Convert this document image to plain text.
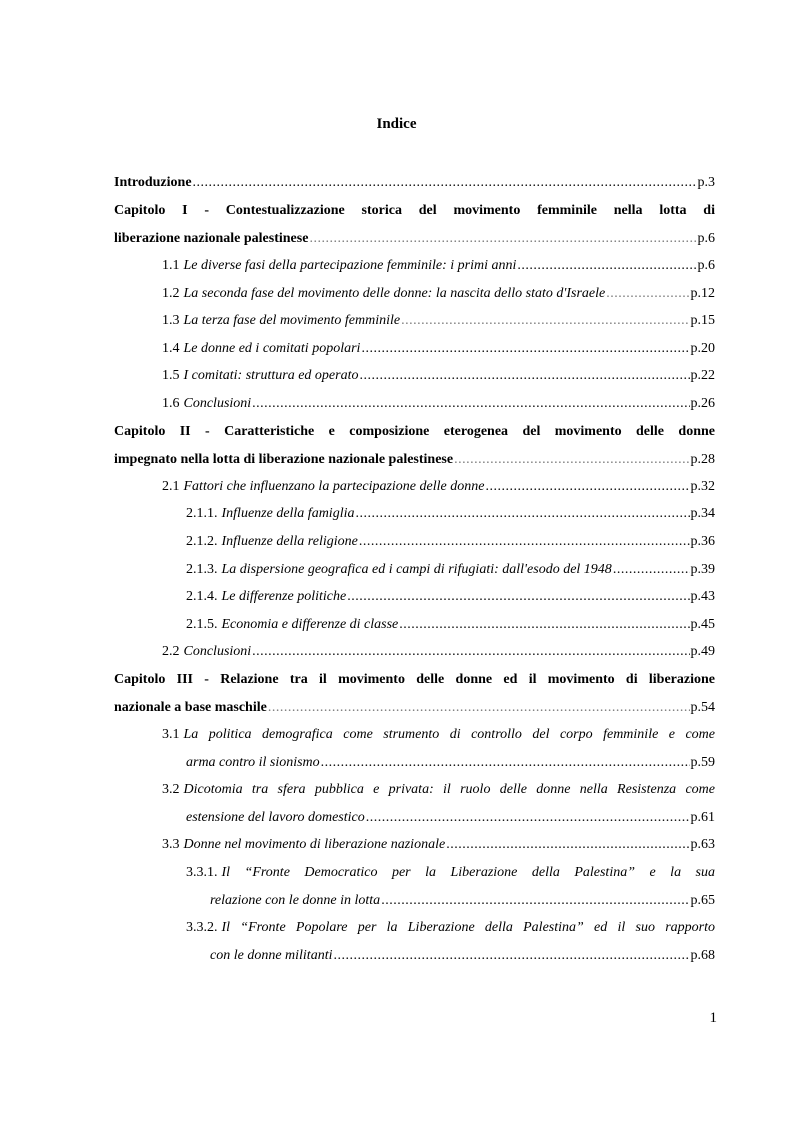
Indice
Introduzione .....	p.3
Capitolo I - Contestualizzazione storica del movimento femminile nella lotta di
liberazione nazionale palestinese .....	p.6
1.1 Le diverse fasi della partecipazione femminile: i primi anni .....	p.6
1.2 La seconda fase del movimento delle donne: la nascita dello stato d'Israele .....	p.12
1.3 La terza fase del movimento femminile .....	p.15
1.4 Le donne ed i comitati popolari .....	p.20
1.5 I comitati: struttura ed operato .....	p.22
1.6 Conclusioni .....	p.26
Capitolo II - Caratteristiche e composizione eterogenea del movimento delle donne
impegnato nella lotta di liberazione nazionale palestinese .....	p.28
2.1 Fattori che influenzano la partecipazione delle donne .....	p.32
2.1.1. Influenze della famiglia .....	p.34
2.1.2. Influenze della religione .....	p.36
2.1.3. La dispersione geografica ed i campi di rifugiati: dall'esodo del 1948 .....	p.39
2.1.4. Le differenze politiche .....	p.43
2.1.5. Economia e differenze di classe .....	p.45
2.2 Conclusioni .....	p.49
Capitolo III - Relazione tra il movimento delle donne ed il movimento di liberazione
nazionale a base maschile .....	p.54
3.1 La politica demografica come strumento di controllo del corpo femminile e come
arma contro il sionismo .....	p.59
3.2 Dicotomia tra sfera pubblica e privata: il ruolo delle donne nella Resistenza come
estensione del lavoro domestico .....	p.61
3.3 Donne nel movimento di liberazione nazionale .....	p.63
3.3.1. Il “Fronte Democratico per la Liberazione della Palestina” e la sua
relazione con le donne in lotta .....	p.65
3.3.2. Il “Fronte Popolare per la Liberazione della Palestina” ed il suo rapporto
con le donne militanti .....	p.68
1
